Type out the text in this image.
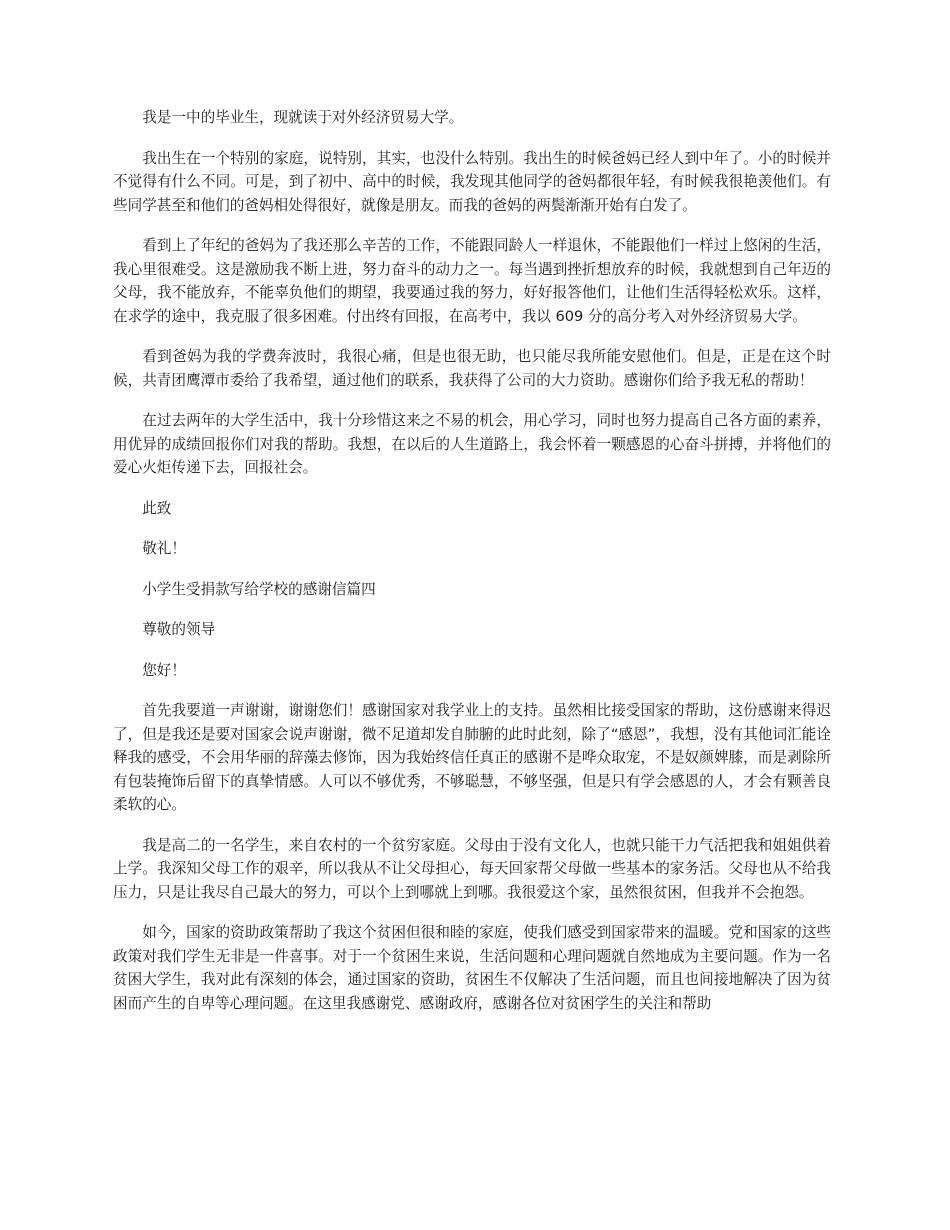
我是一中的毕业生，现就读于对外经济贸易大学。

我出生在一个特别的家庭，说特别，其实，也没什么特别。我出生的时候爸妈已经人到中年了。小的时候并不觉得有什么不同。可是，到了初中、高中的时候，我发现其他同学的爸妈都很年轻，有时候我很艳羡他们。有些同学甚至和他们的爸妈相处得很好，就像是朋友。而我的爸妈的两鬓渐渐开始有白发了。

看到上了年纪的爸妈为了我还那么辛苦的工作，不能跟同龄人一样退休，不能跟他们一样过上悠闲的生活，我心里很难受。这是激励我不断上进，努力奋斗的动力之一。每当遇到挫折想放弃的时候，我就想到自己年迈的父母，我不能放弃，不能辜负他们的期望，我要通过我的努力，好好报答他们，让他们生活得轻松欢乐。这样，在求学的途中，我克服了很多困难。付出终有回报，在高考中，我以 609 分的高分考入对外经济贸易大学。

看到爸妈为我的学费奔波时，我很心痛，但是也很无助，也只能尽我所能安慰他们。但是，正是在这个时候，共青团鹰潭市委给了我希望，通过他们的联系，我获得了公司的大力资助。感谢你们给予我无私的帮助！

在过去两年的大学生活中，我十分珍惜这来之不易的机会，用心学习，同时也努力提高自己各方面的素养，用优异的成绩回报你们对我的帮助。我想，在以后的人生道路上，我会怀着一颗感恩的心奋斗拼搏，并将他们的爱心火炬传递下去，回报社会。

此致

敬礼！

小学生受捐款写给学校的感谢信篇四

尊敬的领导

您好！

首先我要道一声谢谢，谢谢您们！感谢国家对我学业上的支持。虽然相比接受国家的帮助，这份感谢来得迟了，但是我还是要对国家会说声谢谢，微不足道却发自肺腑的此时此刻，除了“感恩”，我想，没有其他词汇能诠释我的感受，不会用华丽的辞藻去修饰，因为我始终信任真正的感谢不是哗众取宠，不是奴颜婢膝，而是剥除所有包装掩饰后留下的真挚情感。人可以不够优秀，不够聪慧，不够坚强，但是只有学会感恩的人，才会有颗善良柔软的心。

我是高二的一名学生，来自农村的一个贫穷家庭。父母由于没有文化人，也就只能干力气活把我和姐姐供着上学。我深知父母工作的艰辛，所以我从不让父母担心，每天回家帮父母做一些基本的家务活。父母也从不给我压力，只是让我尽自己最大的努力，可以个上到哪就上到哪。我很爱这个家，虽然很贫困，但我并不会抱怨。

如今，国家的资助政策帮助了我这个贫困但很和睦的家庭，使我们感受到国家带来的温暖。党和国家的这些政策对我们学生无非是一件喜事。对于一个贫困生来说，生活问题和心理问题就自然地成为主要问题。作为一名贫困大学生，我对此有深刻的体会，通过国家的资助，贫困生不仅解决了生活问题，而且也间接地解决了因为贫困而产生的自卑等心理问题。在这里我感谢党、感谢政府，感谢各位对贫困学生的关注和帮助
